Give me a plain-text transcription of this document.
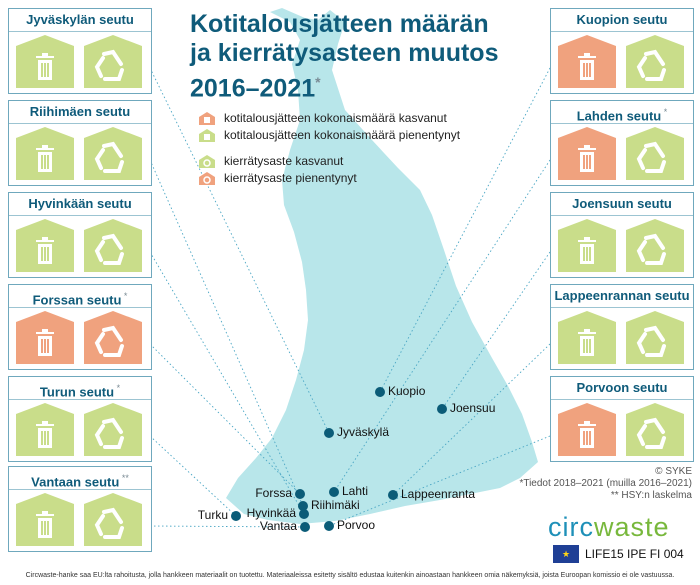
Kotitalousjätteen määrän
ja kierrätysasteen muutos
2016–2021*
kotitalousjätteen kokonaismäärä kasvanut
kotitalousjätteen kokonaismäärä pienentynyt
kierrätysaste kasvanut
kierrätysaste pienentynyt
Jyväskylän seutu
Riihimäen seutu
Hyvinkään seutu
Forssan seutu *
Turun seutu *
Vantaan seutu **
Kuopion seutu
Lahden seutu *
Joensuun seutu
Lappeenrannan seutu
Porvoon seutu
Kuopio
Joensuu
Jyväskylä
Forssa	Lahti
Riihimäki
Hyvinkää
Lappeenranta
Turku
Vantaa	Porvoo
© SYKE
*Tiedot 2018–2021 (muilla 2016–2021)
** HSY:n laskelma
circwaste
★	LIFE15 IPE FI 004
Circwaste-hanke saa EU:lta rahoitusta, jolla hankkeen materiaalit on tuotettu. Materiaaleissa esitetty sisältö edustaa kuitenkin ainoastaan hankkeen omia näkemyksiä, joista Euroopan komissio ei ole vastuussa.
